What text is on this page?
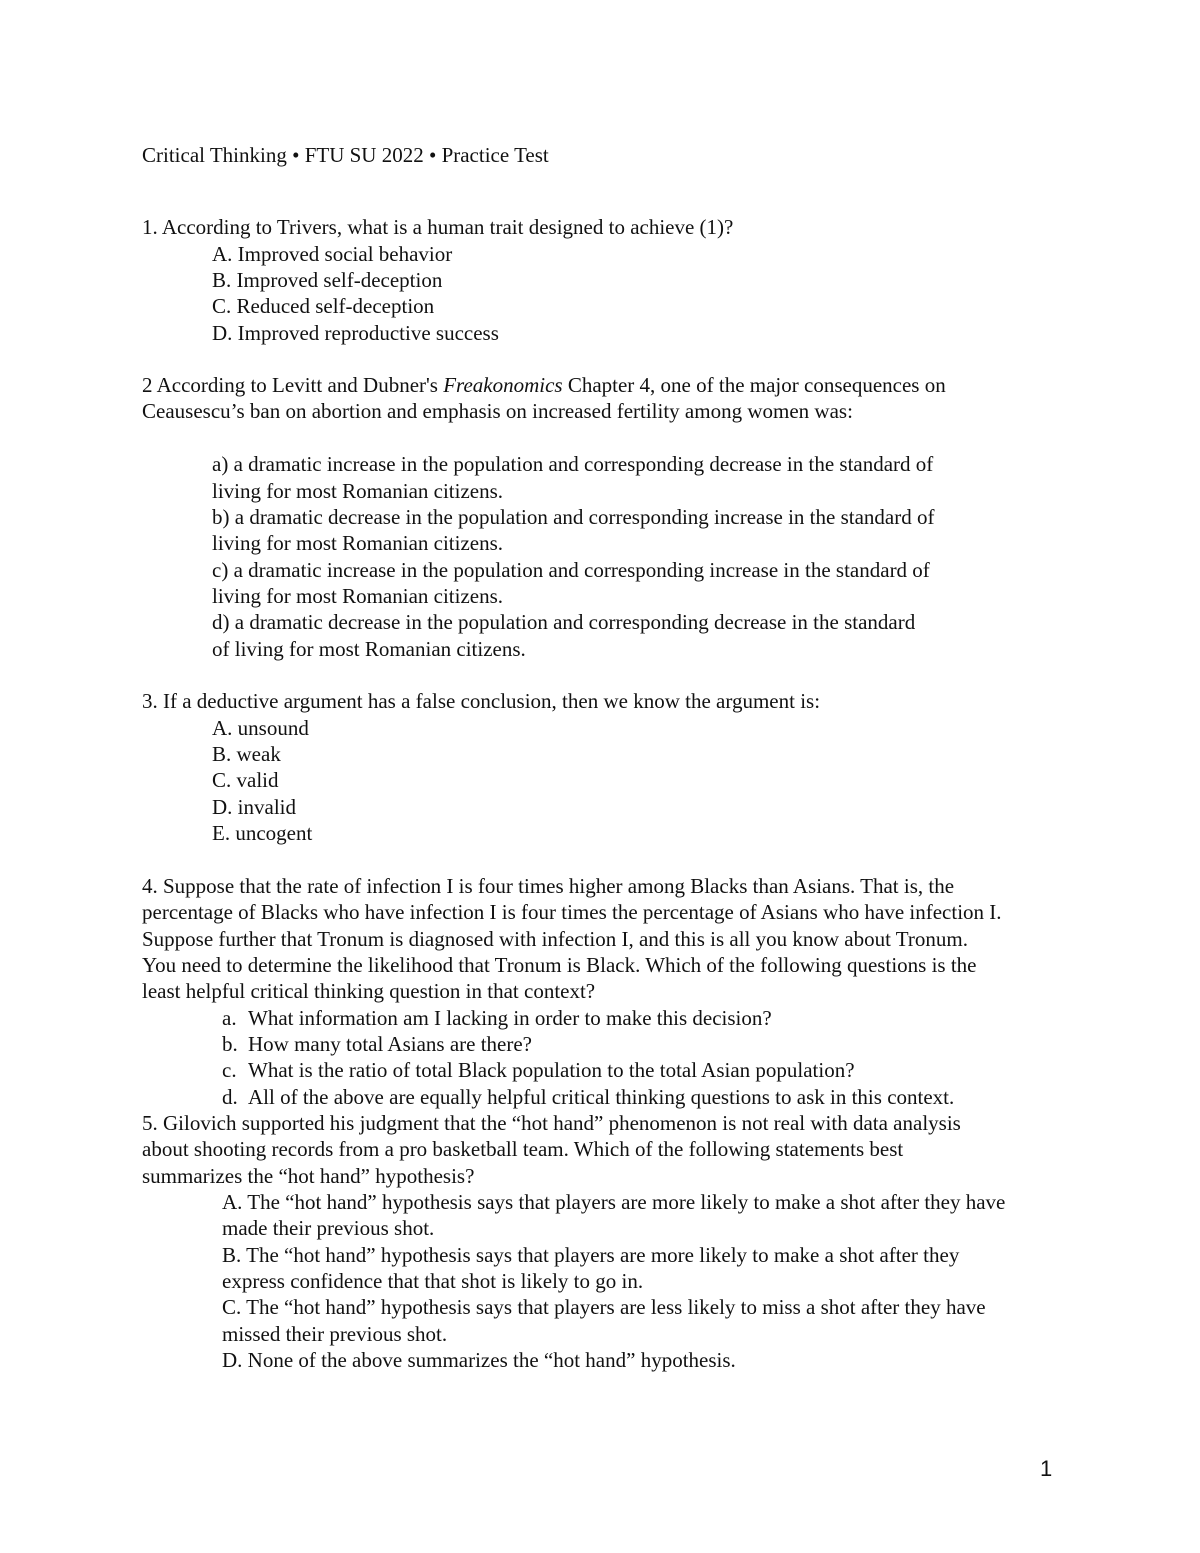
Critical Thinking • FTU SU 2022 • Practice Test
1. According to Trivers, what is a human trait designed to achieve (1)?
A. Improved social behavior
B. Improved self-deception
C. Reduced self-deception
D. Improved reproductive success
2 According to Levitt and Dubner's Freakonomics Chapter 4, one of the major consequences on
Ceausescu’s ban on abortion and emphasis on increased fertility among women was:
a) a dramatic increase in the population and corresponding decrease in the standard of
living for most Romanian citizens.
b) a dramatic decrease in the population and corresponding increase in the standard of
living for most Romanian citizens.
c) a dramatic increase in the population and corresponding increase in the standard of
living for most Romanian citizens.
d) a dramatic decrease in the population and corresponding decrease in the standard
of living for most Romanian citizens.
3. If a deductive argument has a false conclusion, then we know the argument is:
A. unsound
B. weak
C. valid
D. invalid
E. uncogent
4. Suppose that the rate of infection I is four times higher among Blacks than Asians. That is, the
percentage of Blacks who have infection I is four times the percentage of Asians who have infection I.
Suppose further that Tronum is diagnosed with infection I, and this is all you know about Tronum.
You need to determine the likelihood that Tronum is Black. Which of the following questions is the
least helpful critical thinking question in that context?
a. What information am I lacking in order to make this decision?
b. How many total Asians are there?
c. What is the ratio of total Black population to the total Asian population?
d. All of the above are equally helpful critical thinking questions to ask in this context.
5. Gilovich supported his judgment that the “hot hand” phenomenon is not real with data analysis
about shooting records from a pro basketball team. Which of the following statements best
summarizes the “hot hand” hypothesis?
A. The “hot hand” hypothesis says that players are more likely to make a shot after they have
made their previous shot.
B. The “hot hand” hypothesis says that players are more likely to make a shot after they
express confidence that that shot is likely to go in.
C. The “hot hand” hypothesis says that players are less likely to miss a shot after they have
missed their previous shot.
D. None of the above summarizes the “hot hand” hypothesis.
1
